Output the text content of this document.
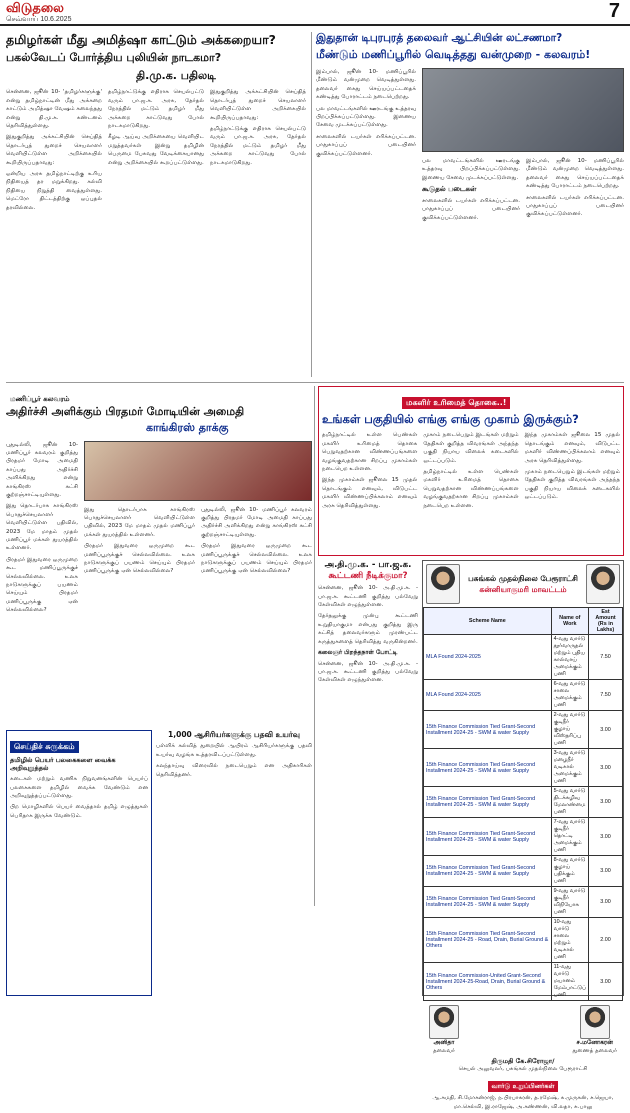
விடுதலை
செவ்வாய் 10.6.2025	7
தமிழர்கள் மீது அமித்ஷா காட்டும் அக்கறையா?
பகல்வேடப் போர்த்திய புலியின் நாடகமா?
தி.மு.க. பதிலடி

சென்னை, ஜூன் 10- 'தமிழர்களுக்கு' என்று தமிழ்நாட்டின் மீது அக்கறை காட்டும் அமித்ஷா வேஷம் கலைந்தது என்று தி.மு.க. கண்டனம் தெரிவித்துள்ளது.

இதுகுறித்து அக்கட்சியின் செய்தித் தொடர்புத் துறைச் செயலாளர் வெளியிட்டுள்ள அறிக்கையில் கூறியிருப்பதாவது:

ஒன்றிய அரசு தமிழ்நாட்டிற்கு உரிய நிதியைத் தர மறுக்கிறது. கல்வி நிதியை நிறுத்தி வைத்துள்ளது. மெட்ரோ திட்டத்திற்கு ஒப்புதல் தரவில்லை.

தமிழ்நாட்டுக்கு எதிராக செயல்பட்டு வரும் பா.ஜ.க. அரசு, தேர்தல் நேரத்தில் மட்டும் தமிழர் மீது அக்கறை காட்டுவது போல் நாடகமாடுகிறது.

கீழடி ஆய்வு அறிக்கையை வெளியிட மறுத்தவர்கள் இன்று தமிழின் பெருமை பேசுவது வேடிக்கையானது என்று அறிக்கையில் கூறப்பட்டுள்ளது.

இதுகுறித்து அக்கட்சியின் செய்தித் தொடர்புத் துறைச் செயலாளர் வெளியிட்டுள்ள அறிக்கையில் கூறியிருப்பதாவது:

தமிழ்நாட்டுக்கு எதிராக செயல்பட்டு வரும் பா.ஜ.க. அரசு, தேர்தல் நேரத்தில் மட்டும் தமிழர் மீது அக்கறை காட்டுவது போல் நாடகமாடுகிறது.

இதுதான் டிபுரபுரத் தலைவர் ஆட்சியின் லட்சணமா?
மீண்டும் மணிப்பூரில் வெடித்தது வன்முறை - கலவரம்!

இம்பால், ஜூன் 10- மணிப்பூரில் மீண்டும் வன்முறை வெடித்துள்ளது. தலைவர் கைது செய்யப்பட்டதைக் கண்டித்து போராட்டம் நடைபெற்றது.

பல மாவட்டங்களில் ஊரடங்கு உத்தரவு பிறப்பிக்கப்பட்டுள்ளது. இணைய சேவை முடக்கப்பட்டுள்ளது.

சாலைகளில் டயர்கள் எரிக்கப்பட்டன. பாதுகாப்புப் படையினர் குவிக்கப்பட்டுள்ளனர்.

பல மாவட்டங்களில் ஊரடங்கு உத்தரவு பிறப்பிக்கப்பட்டுள்ளது. இணைய சேவை முடக்கப்பட்டுள்ளது.

கூடுதல் படைகள்

சாலைகளில் டயர்கள் எரிக்கப்பட்டன. பாதுகாப்புப் படையினர் குவிக்கப்பட்டுள்ளனர்.

இம்பால், ஜூன் 10- மணிப்பூரில் மீண்டும் வன்முறை வெடித்துள்ளது. தலைவர் கைது செய்யப்பட்டதைக் கண்டித்து போராட்டம் நடைபெற்றது.

சாலைகளில் டயர்கள் எரிக்கப்பட்டன. பாதுகாப்புப் படையினர் குவிக்கப்பட்டுள்ளனர்.

மணிப்பூர் கலவரம்
அதிர்ச்சி அளிக்கும் பிரதமர் மோடியின் அமைதி
காங்கிரஸ் தாக்கு

புதுடில்லி, ஜூன் 10- மணிப்பூர் கலவரம் குறித்து பிரதமர் மோடி அமைதி காப்பது அதிர்ச்சி அளிக்கிறது என்று காங்கிரஸ் கட்சி குற்றஞ்சாட்டியுள்ளது.

இது தொடர்பாக காங்கிரஸ் பொதுச்செயலாளர் வெளியிட்டுள்ள பதிவில், 2023 மே மாதம் முதல் மணிப்பூர் மக்கள் துயரத்தில் உள்ளனர்.

பிரதமர் இதுவரை ஒருமுறை கூட மணிப்பூருக்குச் செல்லவில்லை. உலக நாடுகளுக்குப் பயணம் செய்யும் பிரதமர் மணிப்பூருக்கு ஏன் செல்லவில்லை?

இது தொடர்பாக காங்கிரஸ் பொதுச்செயலாளர் வெளியிட்டுள்ள பதிவில், 2023 மே மாதம் முதல் மணிப்பூர் மக்கள் துயரத்தில் உள்ளனர்.

பிரதமர் இதுவரை ஒருமுறை கூட மணிப்பூருக்குச் செல்லவில்லை. உலக நாடுகளுக்குப் பயணம் செய்யும் பிரதமர் மணிப்பூருக்கு ஏன் செல்லவில்லை?

புதுடில்லி, ஜூன் 10- மணிப்பூர் கலவரம் குறித்து பிரதமர் மோடி அமைதி காப்பது அதிர்ச்சி அளிக்கிறது என்று காங்கிரஸ் கட்சி குற்றஞ்சாட்டியுள்ளது.

பிரதமர் இதுவரை ஒருமுறை கூட மணிப்பூருக்குச் செல்லவில்லை. உலக நாடுகளுக்குப் பயணம் செய்யும் பிரதமர் மணிப்பூருக்கு ஏன் செல்லவில்லை?

மகளிர் உரிமைத் தொகை..!
உங்கள் பகுதியில் எங்கு எங்கு முகாம் இருக்கும்?

தமிழ்நாட்டில் உள்ள பெண்கள் மகளிர் உரிமைத் தொகை பெறுவதற்கான விண்ணப்பங்களை வழங்குவதற்கான சிறப்பு முகாம்கள் நடைபெற உள்ளன.

இந்த முகாம்கள் ஜூலை 15 முதல் தொடங்கும் எனவும், விடுபட்ட மகளிர் விண்ணப்பிக்கலாம் எனவும் அரசு தெரிவித்துள்ளது.

முகாம் நடைபெறும் இடங்கள் மற்றும் தேதிகள் குறித்த விவரங்கள் அந்தந்த பகுதி நியாய விலைக் கடைகளில் ஒட்டப்படும்.

தமிழ்நாட்டில் உள்ள பெண்கள் மகளிர் உரிமைத் தொகை பெறுவதற்கான விண்ணப்பங்களை வழங்குவதற்கான சிறப்பு முகாம்கள் நடைபெற உள்ளன.

இந்த முகாம்கள் ஜூலை 15 முதல் தொடங்கும் எனவும், விடுபட்ட மகளிர் விண்ணப்பிக்கலாம் எனவும் அரசு தெரிவித்துள்ளது.

முகாம் நடைபெறும் இடங்கள் மற்றும் தேதிகள் குறித்த விவரங்கள் அந்தந்த பகுதி நியாய விலைக் கடைகளில் ஒட்டப்படும்.

அ.தி.மு.க. - பா.ஜ.க.
கூட்டணி நீடிக்குமா?

சென்னை, ஜூன் 10- அ.தி.மு.க. - பா.ஜ.க. கூட்டணி குறித்து பல்வேறு கேள்விகள் எழுந்துள்ளன.

தேர்தலுக்கு முன்பு கூட்டணி உறுதியாகுமா என்பது குறித்து இரு கட்சித் தலைவர்களும் முரண்பட்ட கருத்துகளைத் தெரிவித்து வருகின்றனர்.

கலைஞர் பிறந்தநாள் போட்டி

சென்னை, ஜூன் 10- அ.தி.மு.க. - பா.ஜ.க. கூட்டணி குறித்து பல்வேறு கேள்விகள் எழுந்துள்ளன.

பசுங்கல் முதல்நிலை பேரூராட்சி
கன்னியாகுமரி மாவட்டம்
Scheme Name	Name of Work	Est Amount (Rs in Lakhs)
MLA Found 2024-2025	4-வது வார்டு தூர்வாருதல் மற்றும் புதிய கால்வாய் அமைக்கும் பணி	7.50
MLA Found 2024-2025	6-வது வார்டு சாலை அமைக்கும் பணி	7.50
15th Finance Commission Tied Grant-Second Installment 2024-25 - SWM & water Supply	2-வது வார்டு குடிநீர் குழாய் விஸ்தரிப்பு பணி	3.00
15th Finance Commission Tied Grant-Second Installment 2024-25 - SWM & water Supply	3-வது வார்டு மழைநீர் வடிகால் அமைக்கும் பணி	3.00
15th Finance Commission Tied Grant-Second Installment 2024-25 - SWM & water Supply	5-வது வார்டு திடக்கழிவு மேலாண்மை பணி	3.00
15th Finance Commission Tied Grant-Second Installment 2024-25 - SWM & water Supply	7-வது வார்டு குடிநீர் தொட்டி அமைக்கும் பணி	3.00
15th Finance Commission Tied Grant-Second Installment 2024-25 - SWM & water Supply	8-வது வார்டு குழாய் பதிக்கும் பணி	3.00
15th Finance Commission Tied Grant-Second Installment 2024-25 - SWM & water Supply	9-வது வார்டு குடிநீர் விநியோக பணி	3.00
15th Finance Commission Tied Grant-Second Installment 2024-25 - Road, Drain, Burial Ground & Others	10-வது வார்டு சாலை மற்றும் வடிகால் பணி	2.00
15th Finance Commission-United Grant-Second Installment 2024-25-Road, Drain, Burial Ground & Others	11-வது வார்டு மயானம் மேம்பாட்டுப் பணி	3.00
அனிதா
தலைவர்
ச.மனோகரன்
துணைத் தலைவர்
திருமதி கே.சிரோஜா/
செயல் அலுவலர், பசுங்கல் முதல்நிலை பேரூராட்சி
வார்டு உறுப்பினர்கள்
ஆ.சுமதி, சி.மோகன்ராஜ், ந.பிரபாகரன், த.ரமேஷ், க.முருகன், ச.ஜெயா, மா.செல்வி, இ.ராஜேஷ், அ.கண்ணன், வி.லதா, சு.பாலு
செய்திச் சுருக்கம்
தமிழில் பெயர் பலகைகளை வைக்க அறிவுறுத்தல்

கடைகள் மற்றும் வணிக நிறுவனங்களின் பெயர்ப் பலகைகளை தமிழில் வைக்க வேண்டும் என அறிவுறுத்தப்பட்டுள்ளது.

பிற மொழிகளில் பெயர் வைத்தால் தமிழ் எழுத்துகள் பெரிதாக இருக்க வேண்டும்.

1,000 ஆசிரியர்களுக்கு பதவி உயர்வு

பள்ளிக் கல்வித் துறையில் ஆயிரம் ஆசிரியர்களுக்கு பதவி உயர்வு வழங்க உத்தரவிடப்பட்டுள்ளது.

கலந்தாய்வு விரைவில் நடைபெறும் என அதிகாரிகள் தெரிவித்தனர்.
